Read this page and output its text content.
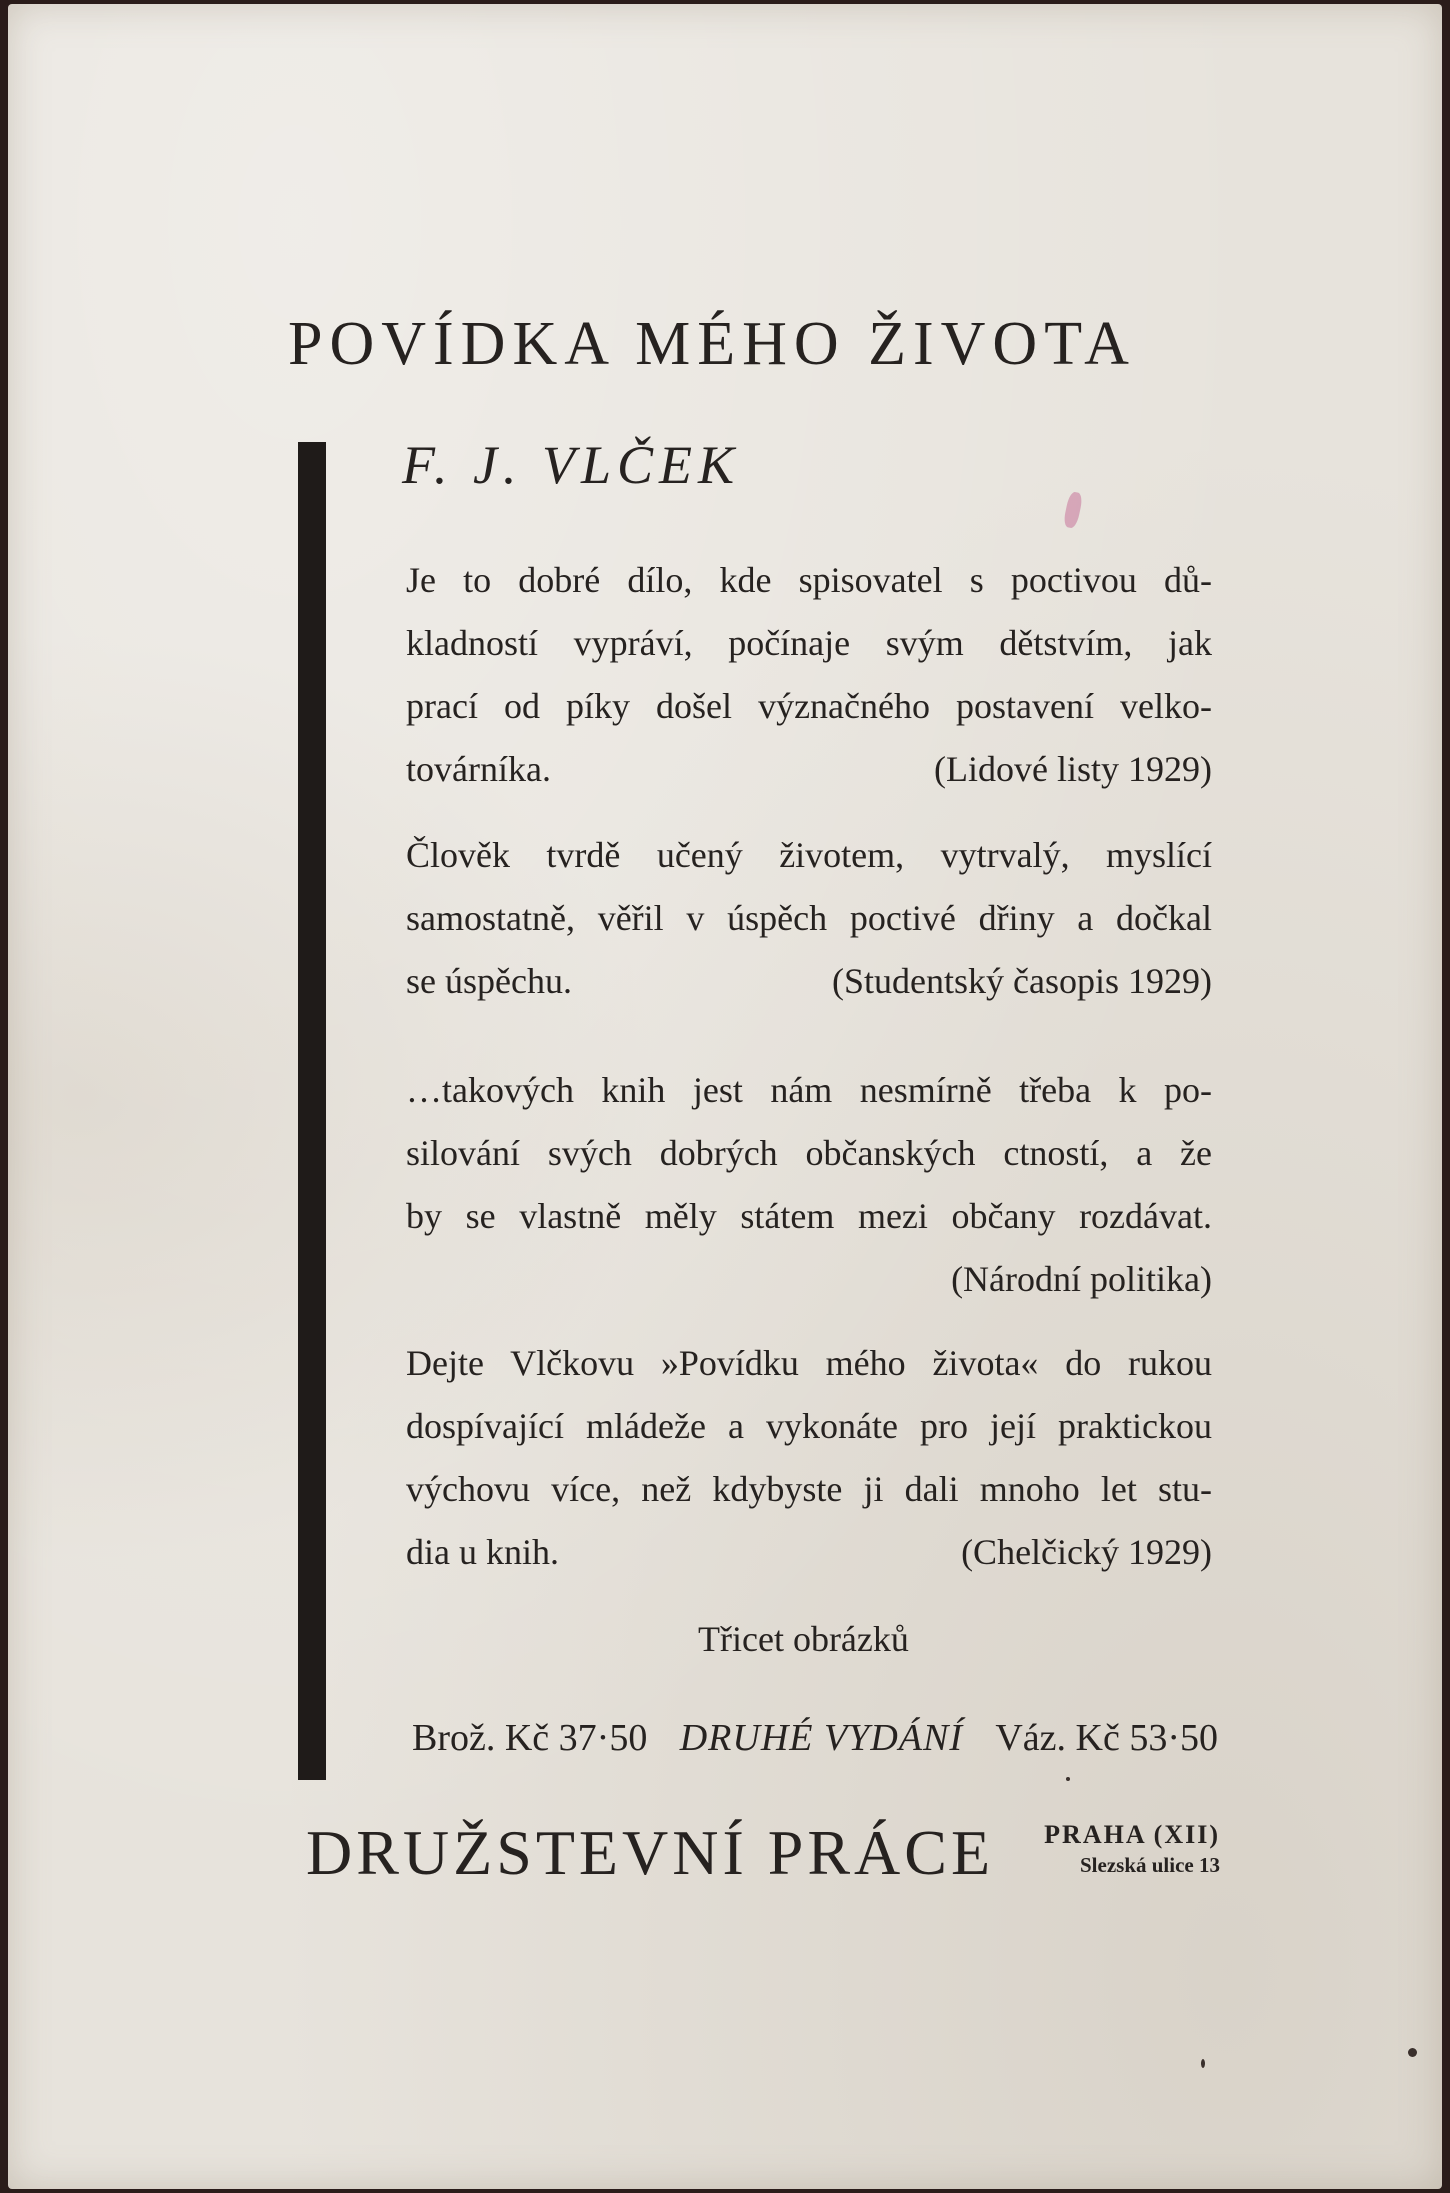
POVÍDKA MÉHO ŽIVOTA
F. J. VLČEK
Je to dobré dílo, kde spisovatel s poctivou dů-
kladností vypráví, počínaje svým dětstvím, jak
prací od píky došel význačného postavení velko-
továrníka.	(Lidové listy 1929)
Člověk tvrdě učený životem, vytrvalý, myslící
samostatně, věřil v úspěch poctivé dřiny a dočkal
se úspěchu.	(Studentský časopis 1929)
…takových knih jest nám nesmírně třeba k po-
silování svých dobrých občanských ctností, a že
by se vlastně měly státem mezi občany rozdávat.
(Národní politika)
Dejte Vlčkovu »Povídku mého života« do rukou
dospívající mládeže a vykonáte pro její praktickou
výchovu více, než kdybyste ji dali mnoho let stu-
dia u knih.	(Chelčický 1929)
Třicet obrázků
Brož. Kč 37·50 DRUHÉ VYDÁNÍ Váz. Kč 53·50
DRUŽSTEVNÍ PRÁCE	PRAHA (XII)
Slezská ulice 13
